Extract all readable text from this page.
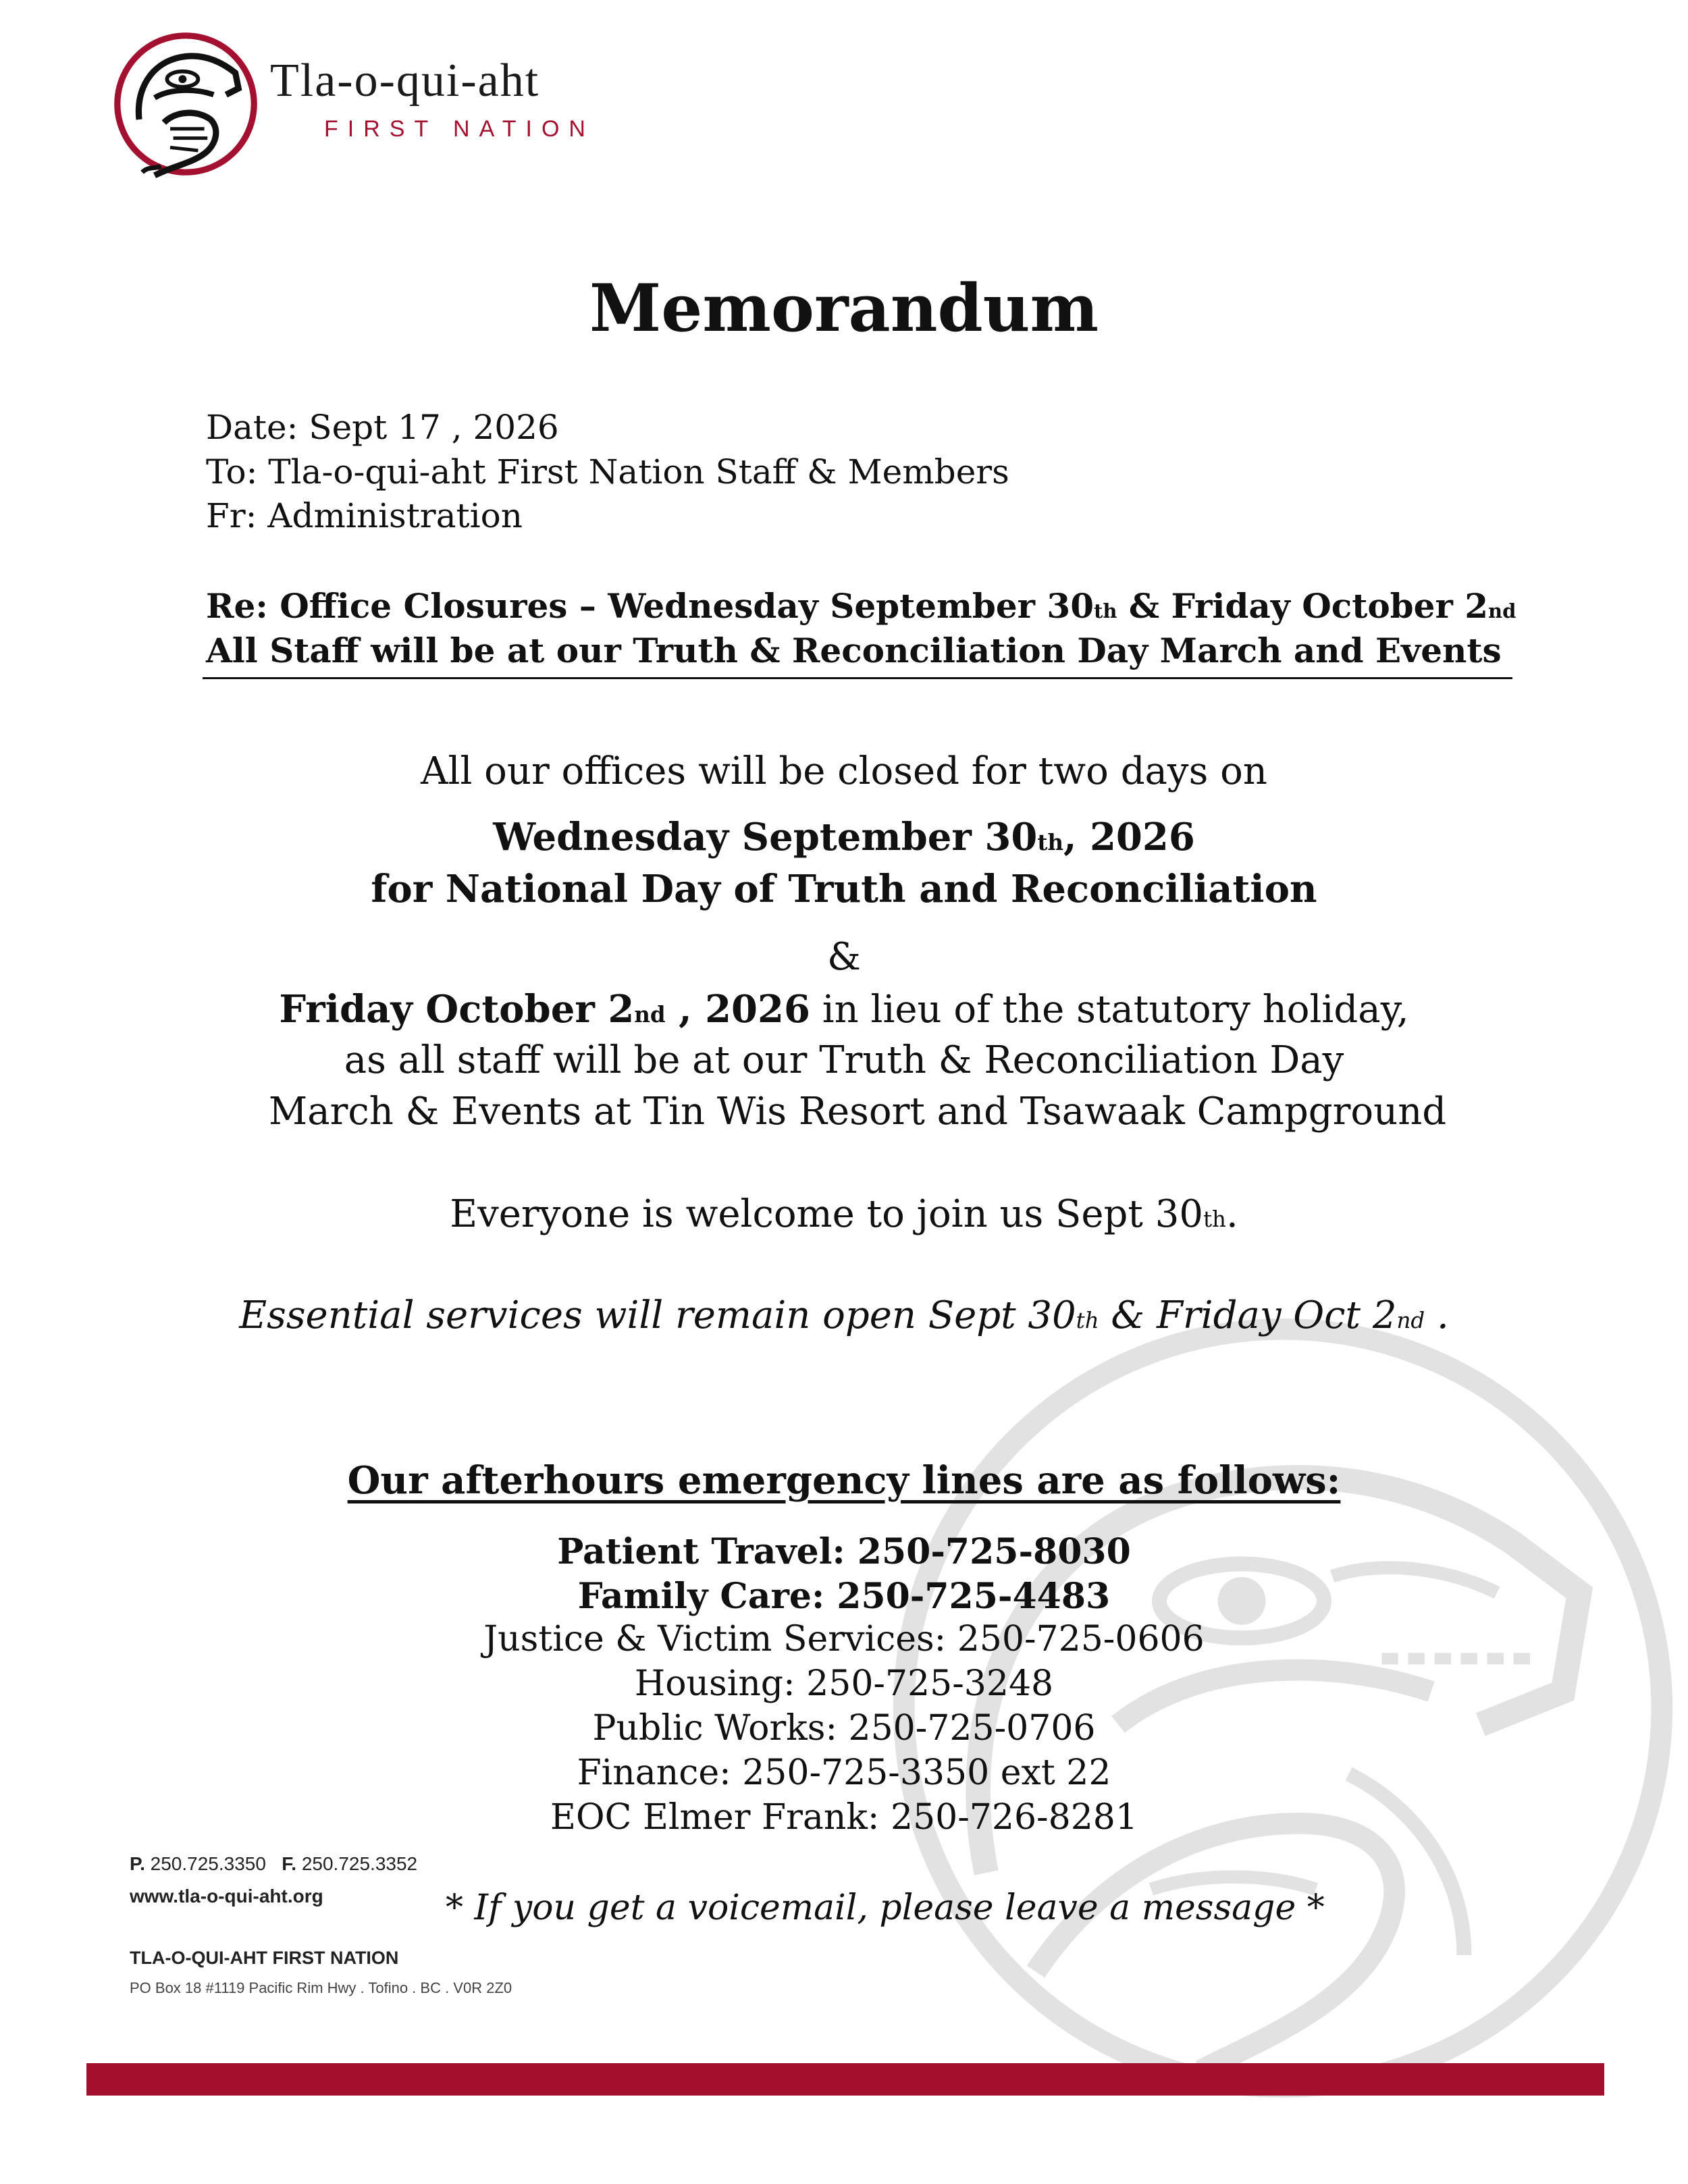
Tla-o-qui-aht
FIRST NATION
Memorandum
Date: Sept 17 , 2026
To: Tla-o-qui-aht First Nation Staff & Members
Fr: Administration
Re: Office Closures – Wednesday September 30th & Friday October 2nd
All Staff will be at our Truth & Reconciliation Day March and Events
All our offices will be closed for two days on
Wednesday September 30th, 2026
for National Day of Truth and Reconciliation
&
Friday October 2nd , 2026 in lieu of the statutory holiday,
as all staff will be at our Truth & Reconciliation Day
March & Events at Tin Wis Resort and Tsawaak Campground
Everyone is welcome to join us Sept 30th.
Essential services will remain open Sept 30th & Friday Oct 2nd .
Our afterhours emergency lines are as follows:
Patient Travel: 250-725-8030
Family Care: 250-725-4483
Justice & Victim Services: 250-725-0606
Housing: 250-725-3248
Public Works: 250-725-0706
Finance: 250-725-3350 ext 22
EOC Elmer Frank: 250-726-8281
* If you get a voicemail, please leave a message *
P. 250.725.3350 F. 250.725.3352
www.tla-o-qui-aht.org
TLA-O-QUI-AHT FIRST NATION
PO Box 18 #1119 Pacific Rim Hwy . Tofino . BC . V0R 2Z0
